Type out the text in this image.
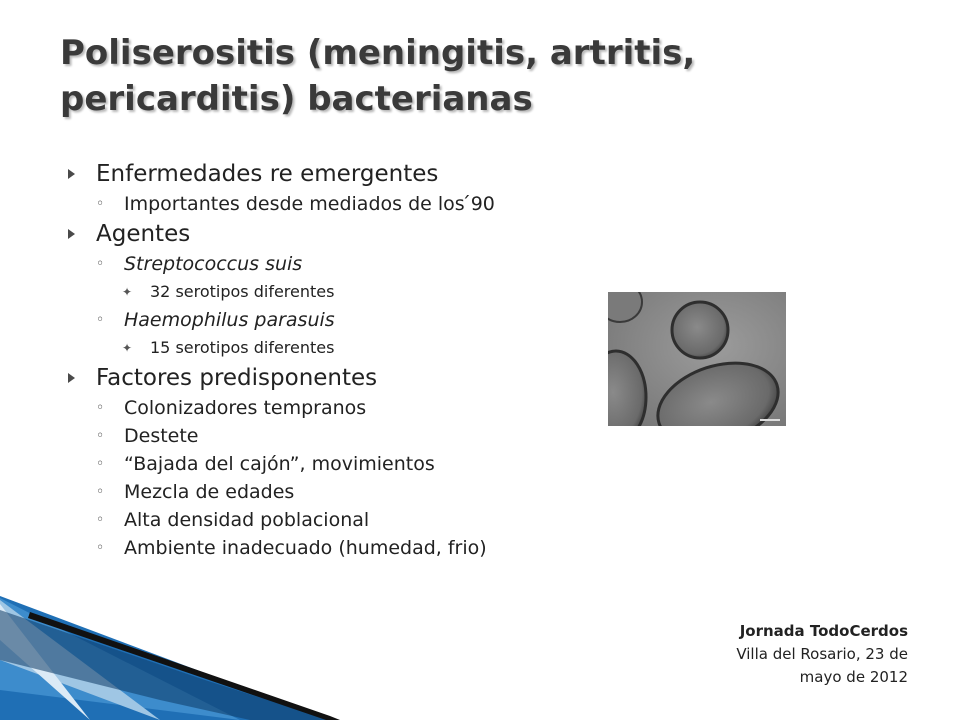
Poliserositis (meningitis, artritis,
pericarditis) bacterianas
Enfermedades re emergentes
◦ Importantes desde mediados de los ́90
Agentes
◦ Streptococcus suis
✦ 32 serotipos diferentes
◦ Haemophilus parasuis
✦ 15 serotipos diferentes
Factores predisponentes
◦ Colonizadores tempranos
◦ Destete
◦ “Bajada del cajón”, movimientos
◦ Mezcla de edades
◦ Alta densidad poblacional
◦ Ambiente inadecuado (humedad, frio)
Jornada TodoCerdos
Villa del Rosario, 23 de
mayo de 2012
